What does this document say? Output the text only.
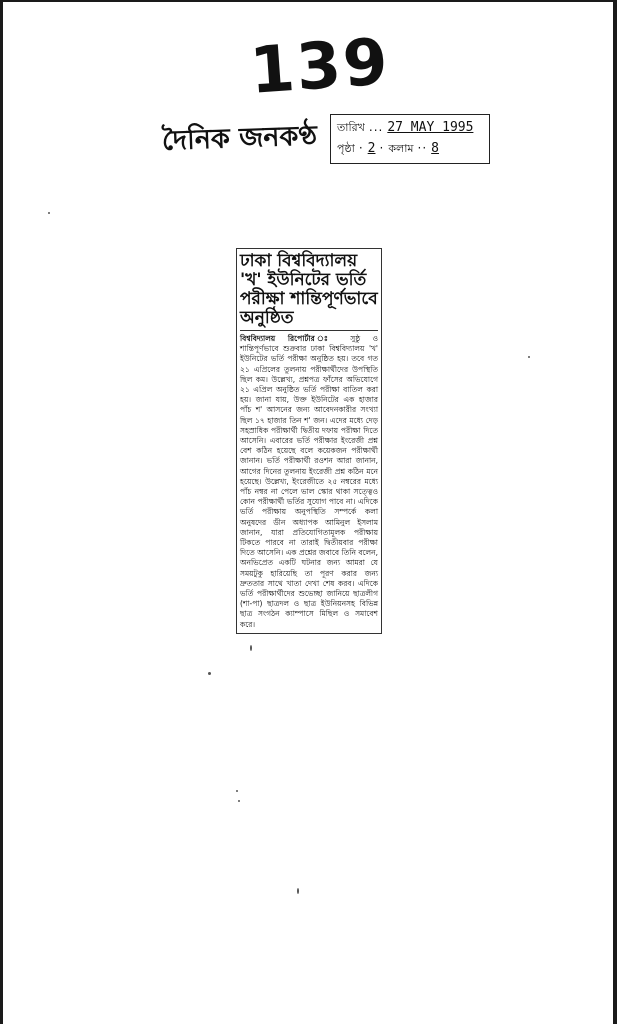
139
দৈনিক জনকণ্ঠ তারিখ ... 27 MAY 1995
পৃষ্ঠা · 2 · কলাম ·· 8
ঢাকা বিশ্ববিদ্যালয় 'খ' ইউনিটের ভর্তি পরীক্ষা শান্তিপূর্ণভাবে অনুষ্ঠিত

বিশ্ববিদ্যালয় রিপোর্টার ঃ সুষ্ঠু ও শান্তিপূর্ণভাবে শুক্রবার ঢাকা বিশ্ববিদ্যালয় 'খ' ইউনিটের ভর্তি পরীক্ষা অনুষ্ঠিত হয়। তবে গত ২১ এপ্রিলের তুলনায় পরীক্ষার্থীদের উপস্থিতি ছিল কম। উল্লেখ্য, প্রশ্নপত্র ফাঁসের অভিযোগে ২১ এপ্রিল অনুষ্ঠিত ভর্তি পরীক্ষা বাতিল করা হয়। জানা যায়, উক্ত ইউনিটের এক হাজার পাঁচ শ' আসনের জন্য আবেদনকারীর সংখ্যা ছিল ১৭ হাজার তিন শ' জন। এদের মধ্যে দেড় সহস্রাধিক পরীক্ষার্থী দ্বিতীয় দফায় পরীক্ষা দিতে আসেনি। এবারের ভর্তি পরীক্ষার ইংরেজী প্রশ্ন বেশ কঠিন হয়েছে বলে কয়েকজন পরীক্ষার্থী জানান। ভর্তি পরীক্ষার্থী রওশন আরা জানান, আগের দিনের তুলনায় ইংরেজী প্রশ্ন কঠিন মনে হয়েছে। উল্লেখ্য, ইংরেজীতে ২৫ নম্বরের মধ্যে পাঁচ নম্বর না পেলে ভাল স্কোর থাকা সত্ত্বেও কোন পরীক্ষার্থী ভর্তির সুযোগ পাবে না। এদিকে ভর্তি পরীক্ষায় অনুপস্থিতি সম্পর্কে কলা অনুষদের ডীন অধ্যাপক আমিনুল ইসলাম জানান, যারা প্রতিযোগিতামূলক পরীক্ষায় টিকতে পারবে না তারাই দ্বিতীয়বার পরীক্ষা দিতে আসেনি। এক প্রশ্নের জবাবে তিনি বলেন, অনভিপ্রেত একটি ঘটনার জন্য আমরা যে সময়টুকু হারিয়েছি তা পূরণ করার জন্য দ্রুততার সাথে খাতা দেখা শেষ করব। এদিকে ভর্তি পরীক্ষার্থীদের শুভেচ্ছা জানিয়ে ছাত্রলীগ (শা-পা) ছাত্রদল ও ছাত্র ইউনিয়নসহ বিভিন্ন ছাত্র সংগঠন ক্যাম্পাসে মিছিল ও সমাবেশ করে।
